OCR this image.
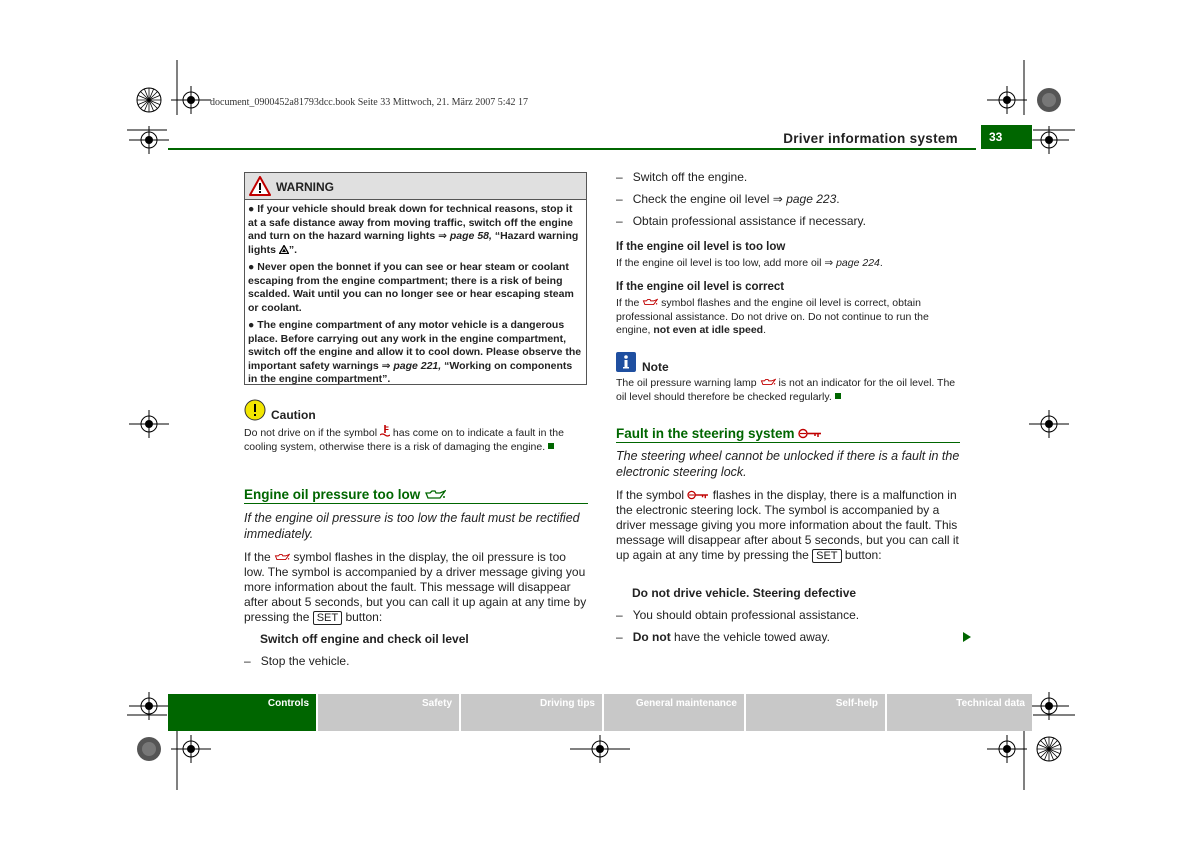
document_0900452a81793dcc.book Seite 33 Mittwoch, 21. März 2007 5:42 17
Driver information system	33
WARNING

● If your vehicle should break down for technical reasons, stop it at a safe distance away from moving traffic, switch off the engine and turn on the hazard warning lights ⇒ page 58, “Hazard warning lights ”.

● Never open the bonnet if you can see or hear steam or coolant escaping from the engine compartment; there is a risk of being scalded. Wait until you can no longer see or hear escaping steam or coolant.

● The engine compartment of any motor vehicle is a dangerous place. Before carrying out any work in the engine compartment, switch off the engine and allow it to cool down. Please observe the important safety warnings ⇒ page 221, “Working on components in the engine compartment”.

Caution
Do not drive on if the symbol  has come on to indicate a fault in the cooling system, otherwise there is a risk of damaging the engine.
Engine oil pressure too low
If the engine oil pressure is too low the fault must be rectified immediately.
If the  symbol flashes in the display, the oil pressure is too low. The symbol is accompanied by a driver message giving you more information about the fault. This message will disappear after about 5 seconds, but you can call it up again at any time by pressing the SET button:
Switch off engine and check oil level
– Stop the vehicle.
– Switch off the engine.
– Check the engine oil level ⇒ page 223.
– Obtain professional assistance if necessary.
If the engine oil level is too low
If the engine oil level is too low, add more oil ⇒ page 224.
If the engine oil level is correct
If the  symbol flashes and the engine oil level is correct, obtain professional assistance. Do not drive on. Do not continue to run the engine, not even at idle speed.
Note
The oil pressure warning lamp  is not an indicator for the oil level. The oil level should therefore be checked regularly.
Fault in the steering system
The steering wheel cannot be unlocked if there is a fault in the electronic steering lock.
If the symbol  flashes in the display, there is a malfunction in the electronic steering lock. The symbol is accompanied by a driver message giving you more information about the fault. This message will disappear after about 5 seconds, but you can call it up again at any time by pressing the SET button:
Do not drive vehicle. Steering defective
– You should obtain professional assistance.
– Do not have the vehicle towed away.
Controls	Safety	Driving tips	General maintenance	Self-help	Technical data
